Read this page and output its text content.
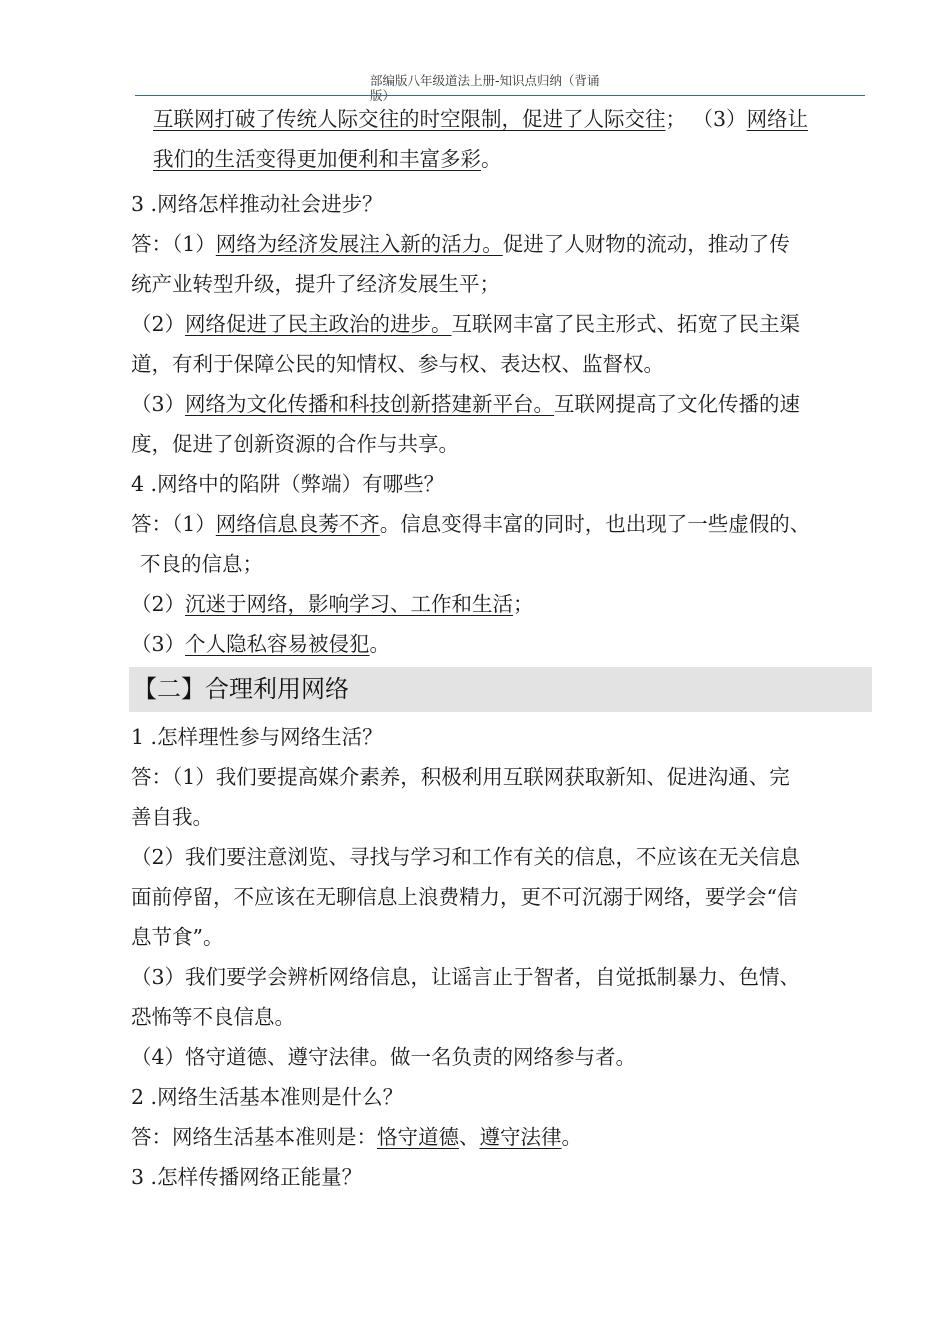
部编版八年级道法上册-知识点归纳（背诵
版）
互联网打破了传统人际交往的时空限制，促进了人际交往； （3）网络让
我们的生活变得更加便利和丰富多彩。
3 .网络怎样推动社会进步？
答：（1）网络为经济发展注入新的活力。促进了人财物的流动，推动了传
统产业转型升级，提升了经济发展生平；
（2）网络促进了民主政治的进步。互联网丰富了民主形式、拓宽了民主渠
道，有利于保障公民的知情权、参与权、表达权、监督权。
（3）网络为文化传播和科技创新搭建新平台。互联网提高了文化传播的速
度，促进了创新资源的合作与共享。
4 .网络中的陷阱（弊端）有哪些？
答：（1）网络信息良莠不齐。信息变得丰富的同时，也出现了一些虚假的、
不良的信息；
（2）沉迷于网络，影响学习、工作和生活；
（3）个人隐私容易被侵犯。
【二】合理利用网络
1 .怎样理性参与网络生活？
答：（1）我们要提高媒介素养，积极利用互联网获取新知、促进沟通、完
善自我。
（2）我们要注意浏览、寻找与学习和工作有关的信息，不应该在无关信息
面前停留，不应该在无聊信息上浪费精力，更不可沉溺于网络，要学会“信
息节食”。
（3）我们要学会辨析网络信息，让谣言止于智者，自觉抵制暴力、色情、
恐怖等不良信息。
（4）恪守道德、遵守法律。做一名负责的网络参与者。
2 .网络生活基本准则是什么？
答：网络生活基本准则是：恪守道德、遵守法律。
3 .怎样传播网络正能量？
